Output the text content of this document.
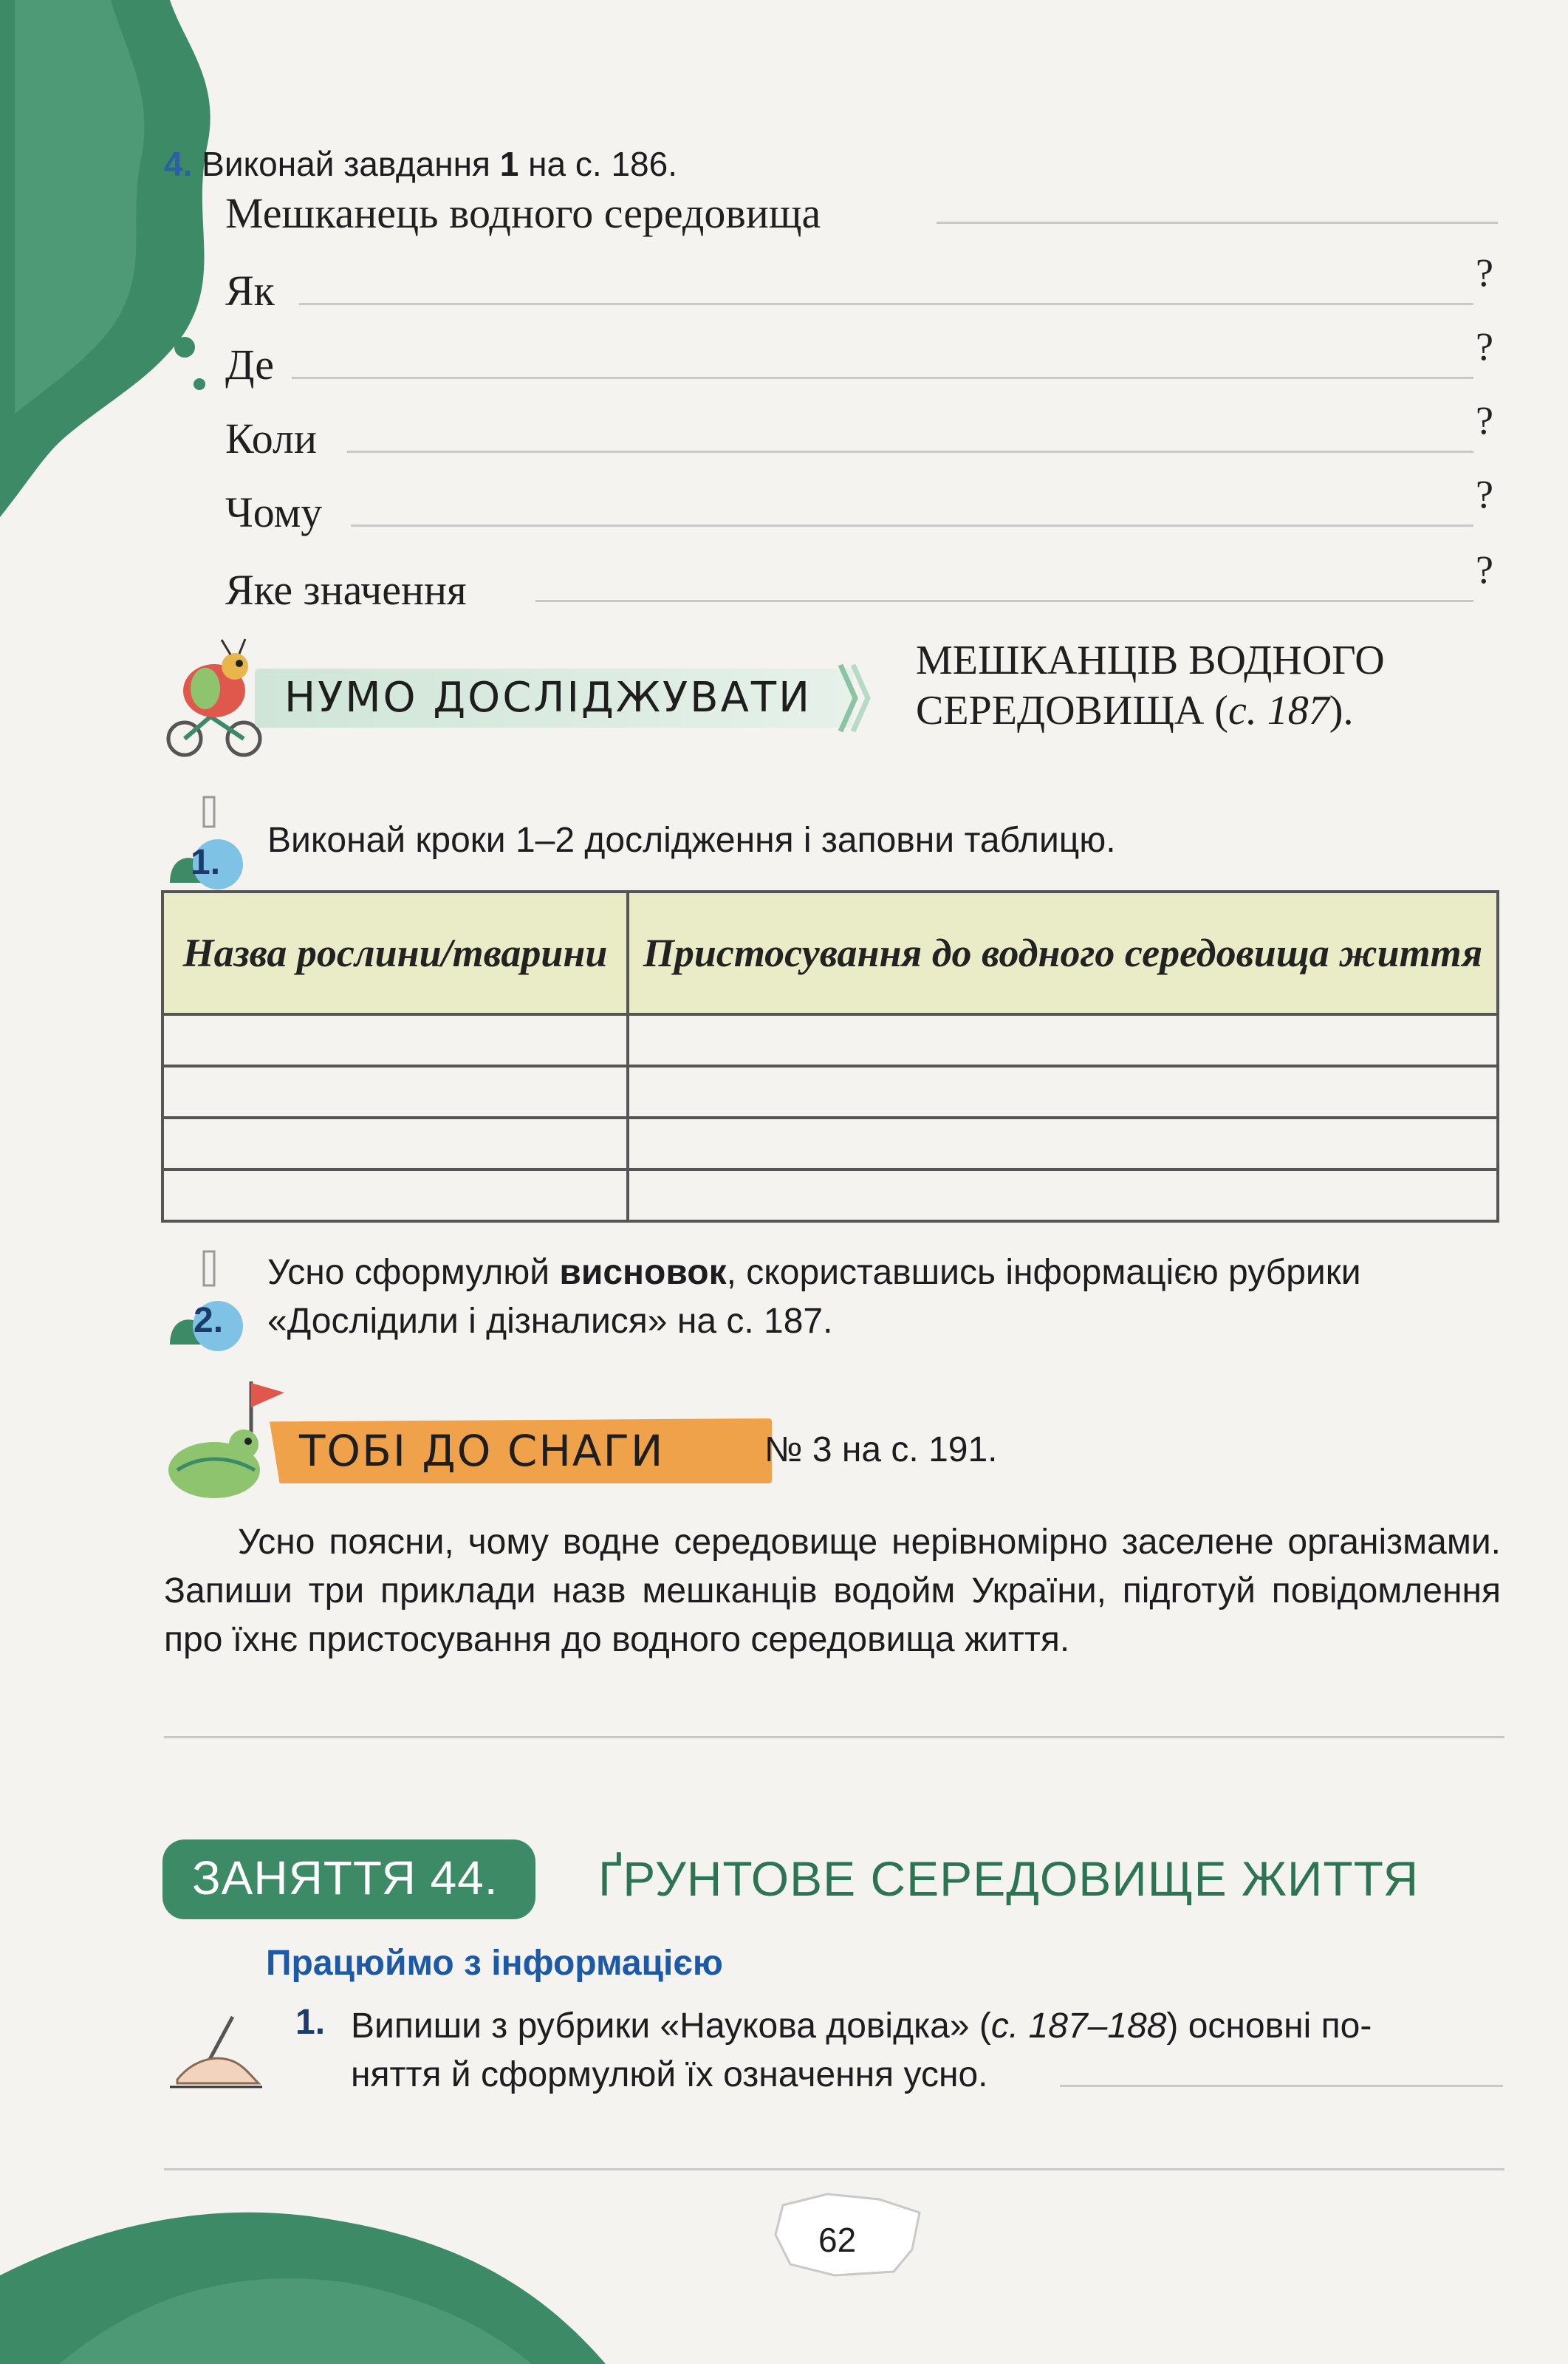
4. Виконай завдання 1 на с. 186.
Мешканець водного середовища
Як	?
Де	?
Коли	?
Чому	?
Яке значення	?
НУМО ДОСЛІДЖУВАТИ
МЕШКАНЦІВ ВОДНОГО
СЕРЕДОВИЩА (с. 187).
1.
Виконай кроки 1–2 дослідження і заповни таблицю.
Назва рослини/тварини	Пристосування до водного середовища життя

2.
Усно сформулюй висновок, скориставшись інформацією рубрики
«Дослідили і дізналися» на с. 187.
ТОБІ ДО СНАГИ	№ 3 на с. 191.
Усно поясни, чому водне середовище нерівномірно заселене організмами. Запиши три приклади назв мешканців водойм України, підготуй повідомлення про їхнє пристосування до водного середовища життя.
ЗАНЯТТЯ 44. ҐРУНТОВЕ СЕРЕДОВИЩЕ ЖИТТЯ
Працюймо з інформацією
1. Випиши з рубрики «Наукова довідка» (с. 187–188) основні по-
няття й сформулюй їх означення усно.
62
